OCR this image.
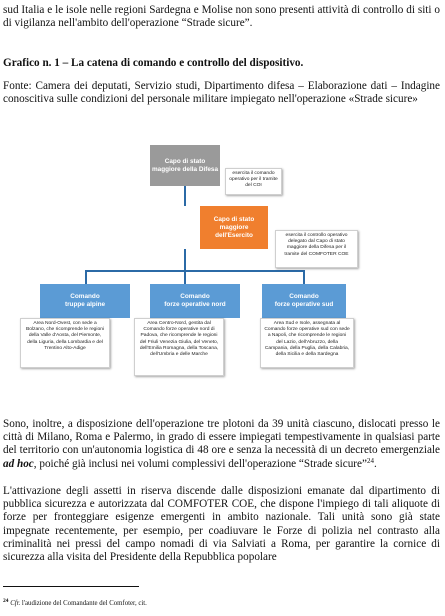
sud Italia e le isole nelle regioni Sardegna e Molise non sono presenti attività di controllo di siti o di vigilanza nell'ambito dell'operazione “Strade sicure”.

Grafico n. 1 – La catena di comando e controllo del dispositivo.

Fonte: Camera dei deputati, Servizio studi, Dipartimento difesa – Elaborazione dati – Indagine conoscitiva sulle condizioni del personale militare impiegato nell'operazione «Strade sicure»

Capo di stato maggiore della Difesa
esercita il comando operativo per il tramite del COI
Capo di stato maggiore dell'Esercito	esercita il controllo operativo delegato dal Capo di stato maggiore della Difesa per il tramite del COMFOTER COE
Comando
truppe alpine
Comando
forze operative nord
Comando
forze operative sud
Area Nord-Ovest, con sede a Bolzano, che ricomprende le regioni della Valle d'Aosta, del Piemonte, della Liguria, della Lombardia e del Trentino Alto-Adige
Area Centro-Nord, gestita dal Comando forze operative nord di Padova, che ricomprende le regioni del Friuli Venezia Giulia, del Veneto, dell'Emilia Romagna, della Toscana, dell'Umbria e delle Marche
Area Sud e Isole, assegnata al Comando forze operative sud con sede a Napoli, che ricomprende le regioni del Lazio, dell'Abruzzo, della Campania, della Puglia, della Calabria, della Sicilia e della Sardegna

Sono, inoltre, a disposizione dell'operazione tre plotoni da 39 unità ciascuno, dislocati presso le città di Milano, Roma e Palermo, in grado di essere impiegati tempestivamente in qualsiasi parte del territorio con un'autonomia logistica di 48 ore e senza la necessità di un decreto emergenziale ad hoc, poiché già inclusi nei volumi complessivi dell'operazione “Strade sicure”$^{24}$.

L'attivazione degli assetti in riserva discende dalle disposizioni emanate dal dipartimento di pubblica sicurezza e autorizzata dal COMFOTER COE, che dispone l'impiego di tali aliquote di forze per fronteggiare esigenze emergenti in ambito nazionale. Tali unità sono già state impegnate recentemente, per esempio, per coadiuvare le Forze di polizia nel contrasto alla criminalità nei pressi del campo nomadi di via Salviati a Roma, per garantire la cornice di sicurezza alla visita del Presidente della Repubblica popolare

$^{24}$ Cfr. l'audizione del Comandante del Comfoter, cit.
